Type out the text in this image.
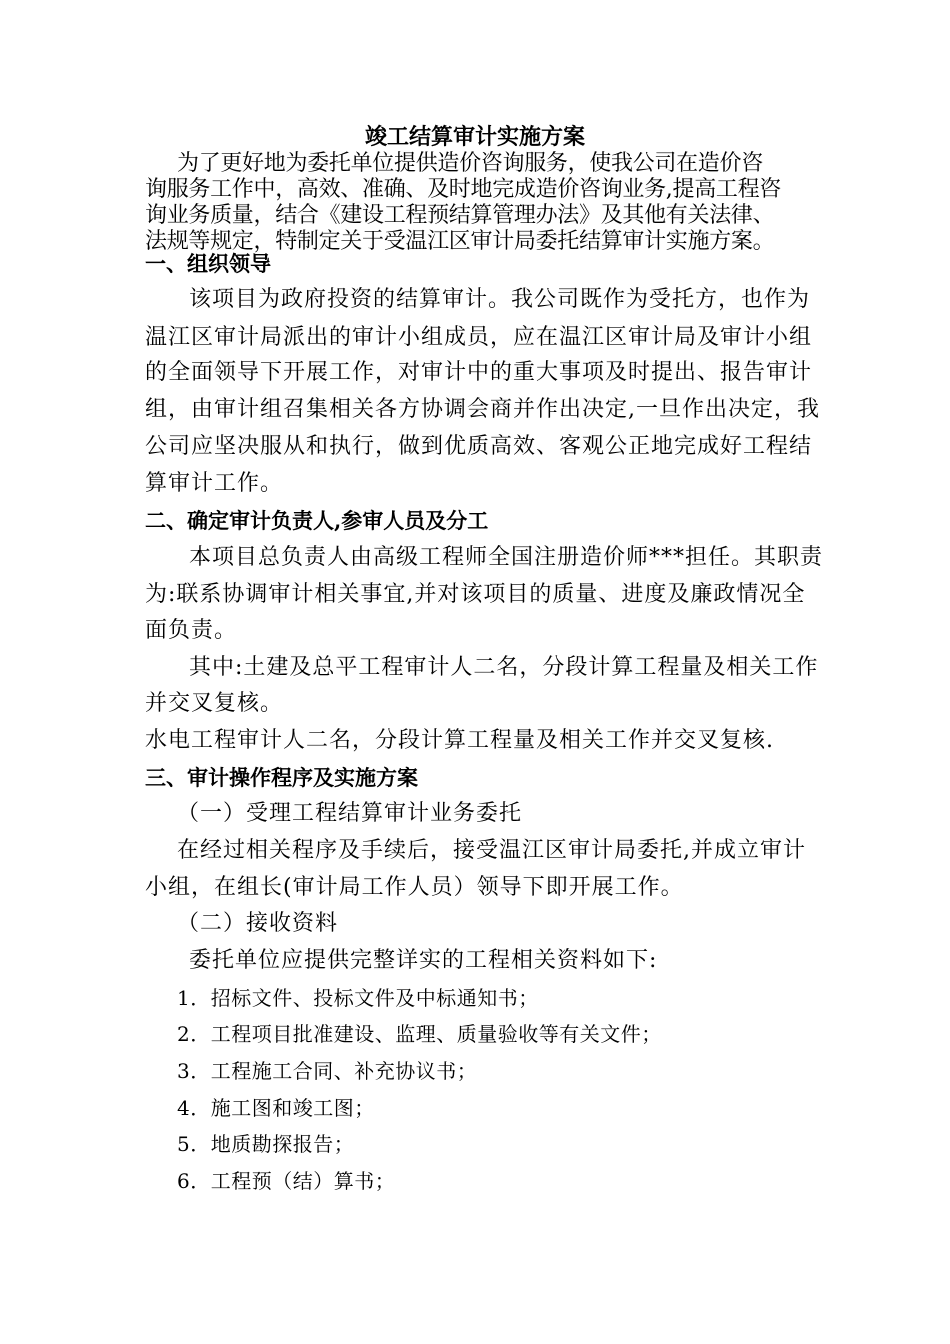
竣工结算审计实施方案
为了更好地为委托单位提供造价咨询服务，使我公司在造价咨
询服务工作中，高效、准确、及时地完成造价咨询业务,提高工程咨
询业务质量，结合《建设工程预结算管理办法》及其他有关法律、
法规等规定，特制定关于受温江区审计局委托结算审计实施方案。
一、组织领导
该项目为政府投资的结算审计。我公司既作为受托方，也作为
温江区审计局派出的审计小组成员，应在温江区审计局及审计小组
的全面领导下开展工作，对审计中的重大事项及时提出、报告审计
组，由审计组召集相关各方协调会商并作出决定,一旦作出决定，我
公司应坚决服从和执行，做到优质高效、客观公正地完成好工程结
算审计工作。
二、确定审计负责人,参审人员及分工
本项目总负责人由高级工程师全国注册造价师***担任。其职责
为:联系协调审计相关事宜,并对该项目的质量、进度及廉政情况全
面负责。
其中:土建及总平工程审计人二名，分段计算工程量及相关工作
并交叉复核。
水电工程审计人二名，分段计算工程量及相关工作并交叉复核.
三、审计操作程序及实施方案
（一）受理工程结算审计业务委托
在经过相关程序及手续后，接受温江区审计局委托,并成立审计
小组，在组长(审计局工作人员）领导下即开展工作。
（二）接收资料
委托单位应提供完整详实的工程相关资料如下:
1．招标文件、投标文件及中标通知书；
2．工程项目批准建设、监理、质量验收等有关文件；
3．工程施工合同、补充协议书；
4．施工图和竣工图；
5．地质勘探报告；
6．工程预（结）算书；
